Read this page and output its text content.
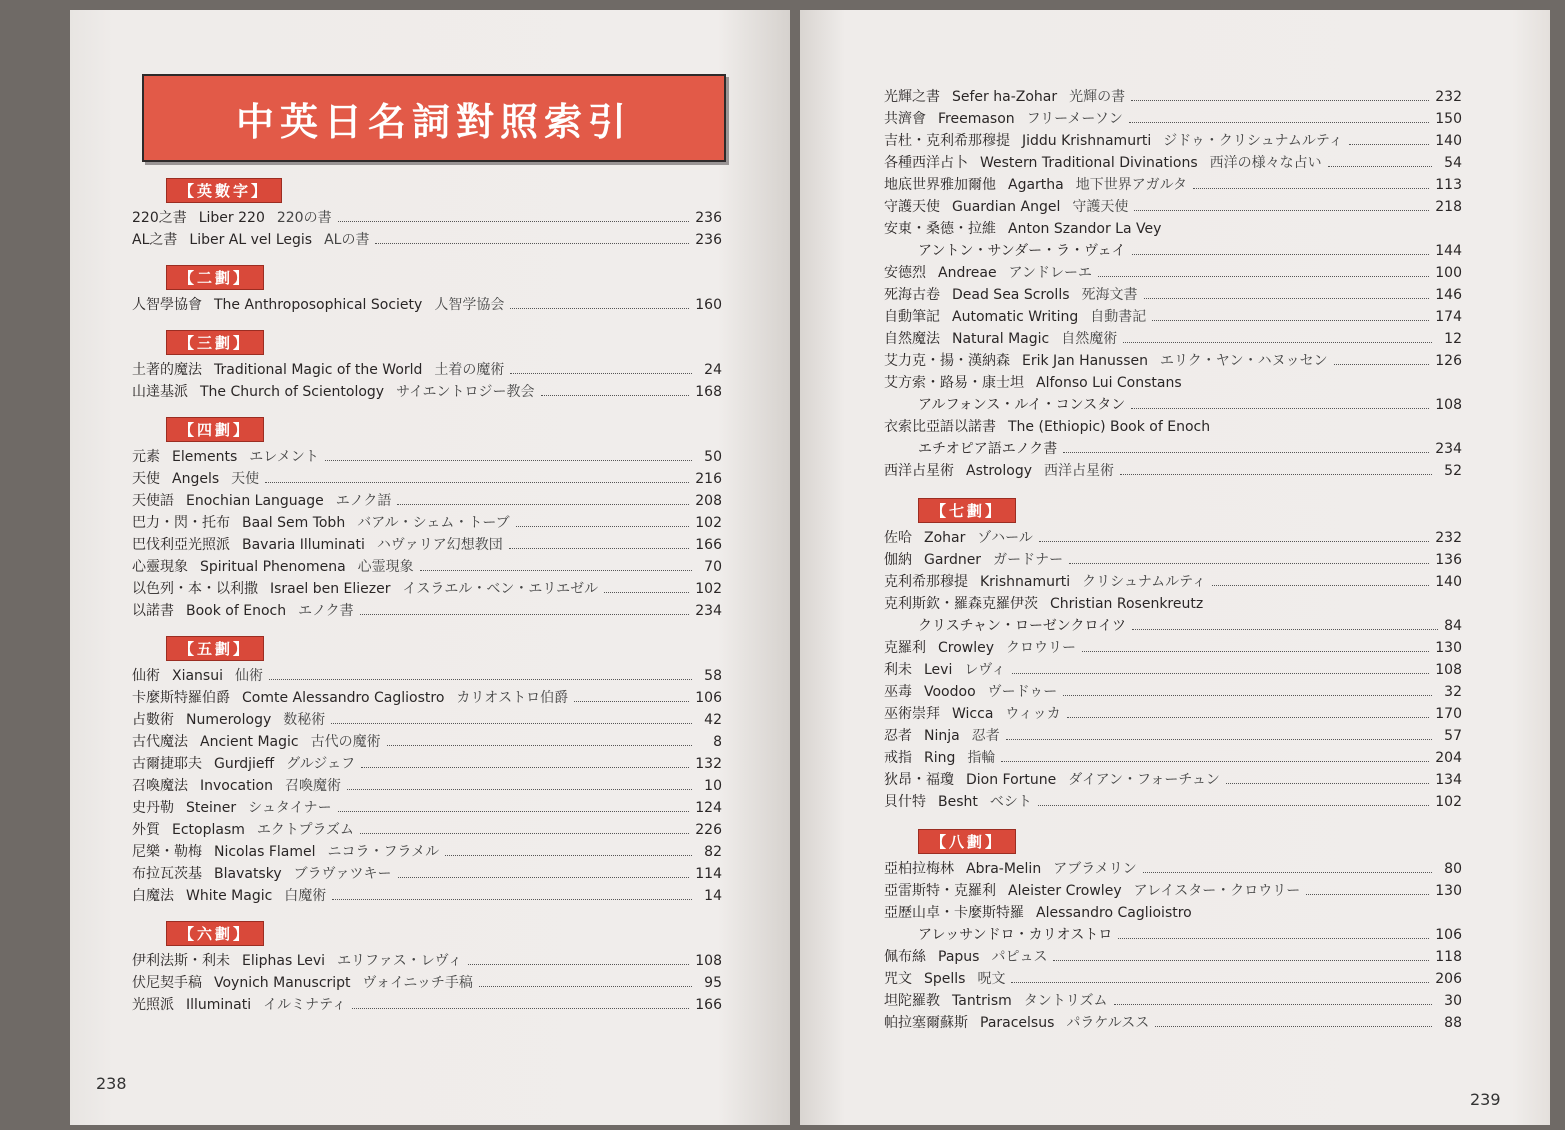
中英日名詞對照索引
【英數字】
220之書 Liber 220 220の書	236
AL之書 Liber AL vel Legis ALの書	236
【二劃】
人智學協會 The Anthroposophical Society 人智学協会	160
【三劃】
土著的魔法 Traditional Magic of the World 土着の魔術	24
山達基派 The Church of Scientology サイエントロジー教会	168
【四劃】
元素 Elements エレメント	50
天使 Angels 天使	216
天使語 Enochian Language エノク語	208
巴力・閃・托布 Baal Sem Tobh バアル・シェム・トーブ	102
巴伐利亞光照派 Bavaria Illuminati ハヴァリア幻想教団	166
心靈現象 Spiritual Phenomena 心霊現象	70
以色列・本・以利撒 Israel ben Eliezer イスラエル・ベン・エリエゼル	102
以諾書 Book of Enoch エノク書	234
【五劃】
仙術 Xiansui 仙術	58
卡麼斯特羅伯爵 Comte Alessandro Cagliostro カリオストロ伯爵	106
占數術 Numerology 数秘術	42
古代魔法 Ancient Magic 古代の魔術	8
古爾捷耶夫 Gurdjieff グルジェフ	132
召喚魔法 Invocation 召喚魔術	10
史丹勒 Steiner シュタイナー	124
外質 Ectoplasm エクトプラズム	226
尼樂・勒梅 Nicolas Flamel ニコラ・フラメル	82
布拉瓦茨基 Blavatsky ブラヴァツキー	114
白魔法 White Magic 白魔術	14
【六劃】
伊利法斯・利未 Eliphas Levi エリファス・レヴィ	108
伏尼契手稿 Voynich Manuscript ヴォイニッチ手稿	95
光照派 Illuminati イルミナティ	166
238
光輝之書 Sefer ha-Zohar 光輝の書	232
共濟會 Freemason フリーメーソン	150
吉杜・克利希那穆提 Jiddu Krishnamurti ジドゥ・クリシュナムルティ	140
各種西洋占卜 Western Traditional Divinations 西洋の様々な占い	54
地底世界雅加爾他 Agartha 地下世界アガルタ	113
守護天使 Guardian Angel 守護天使	218
安東・桑德・拉維 Anton Szandor La Vey
アントン・サンダー・ラ・ヴェイ	144
安德烈 Andreae アンドレーエ	100
死海古卷 Dead Sea Scrolls 死海文書	146
自動筆記 Automatic Writing 自動書記	174
自然魔法 Natural Magic 自然魔術	12
艾力克・揚・漢納森 Erik Jan Hanussen エリク・ヤン・ハヌッセン	126
艾方索・路易・康士坦 Alfonso Lui Constans
アルフォンス・ルイ・コンスタン	108
衣索比亞語以諾書 The (Ethiopic) Book of Enoch
エチオピア語エノク書	234
西洋占星術 Astrology 西洋占星術	52
【七劃】
佐哈 Zohar ゾハール	232
伽納 Gardner ガードナー	136
克利希那穆提 Krishnamurti クリシュナムルティ	140
克利斯欽・羅森克羅伊茨 Christian Rosenkreutz
クリスチャン・ローゼンクロイツ	84
克羅利 Crowley クロウリー	130
利未 Levi レヴィ	108
巫毒 Voodoo ヴードゥー	32
巫術崇拜 Wicca ウィッカ	170
忍者 Ninja 忍者	57
戒指 Ring 指輪	204
狄昂・福瓊 Dion Fortune ダイアン・フォーチュン	134
貝什特 Besht ベシト	102
【八劃】
亞柏拉梅林 Abra-Melin アブラメリン	80
亞雷斯特・克羅利 Aleister Crowley アレイスター・クロウリー	130
亞歷山卓・卡麼斯特羅 Alessandro Caglioistro
アレッサンドロ・カリオストロ	106
佩布絲 Papus パピュス	118
咒文 Spells 呪文	206
坦陀羅教 Tantrism タントリズム	30
帕拉塞爾蘇斯 Paracelsus パラケルスス	88
239
